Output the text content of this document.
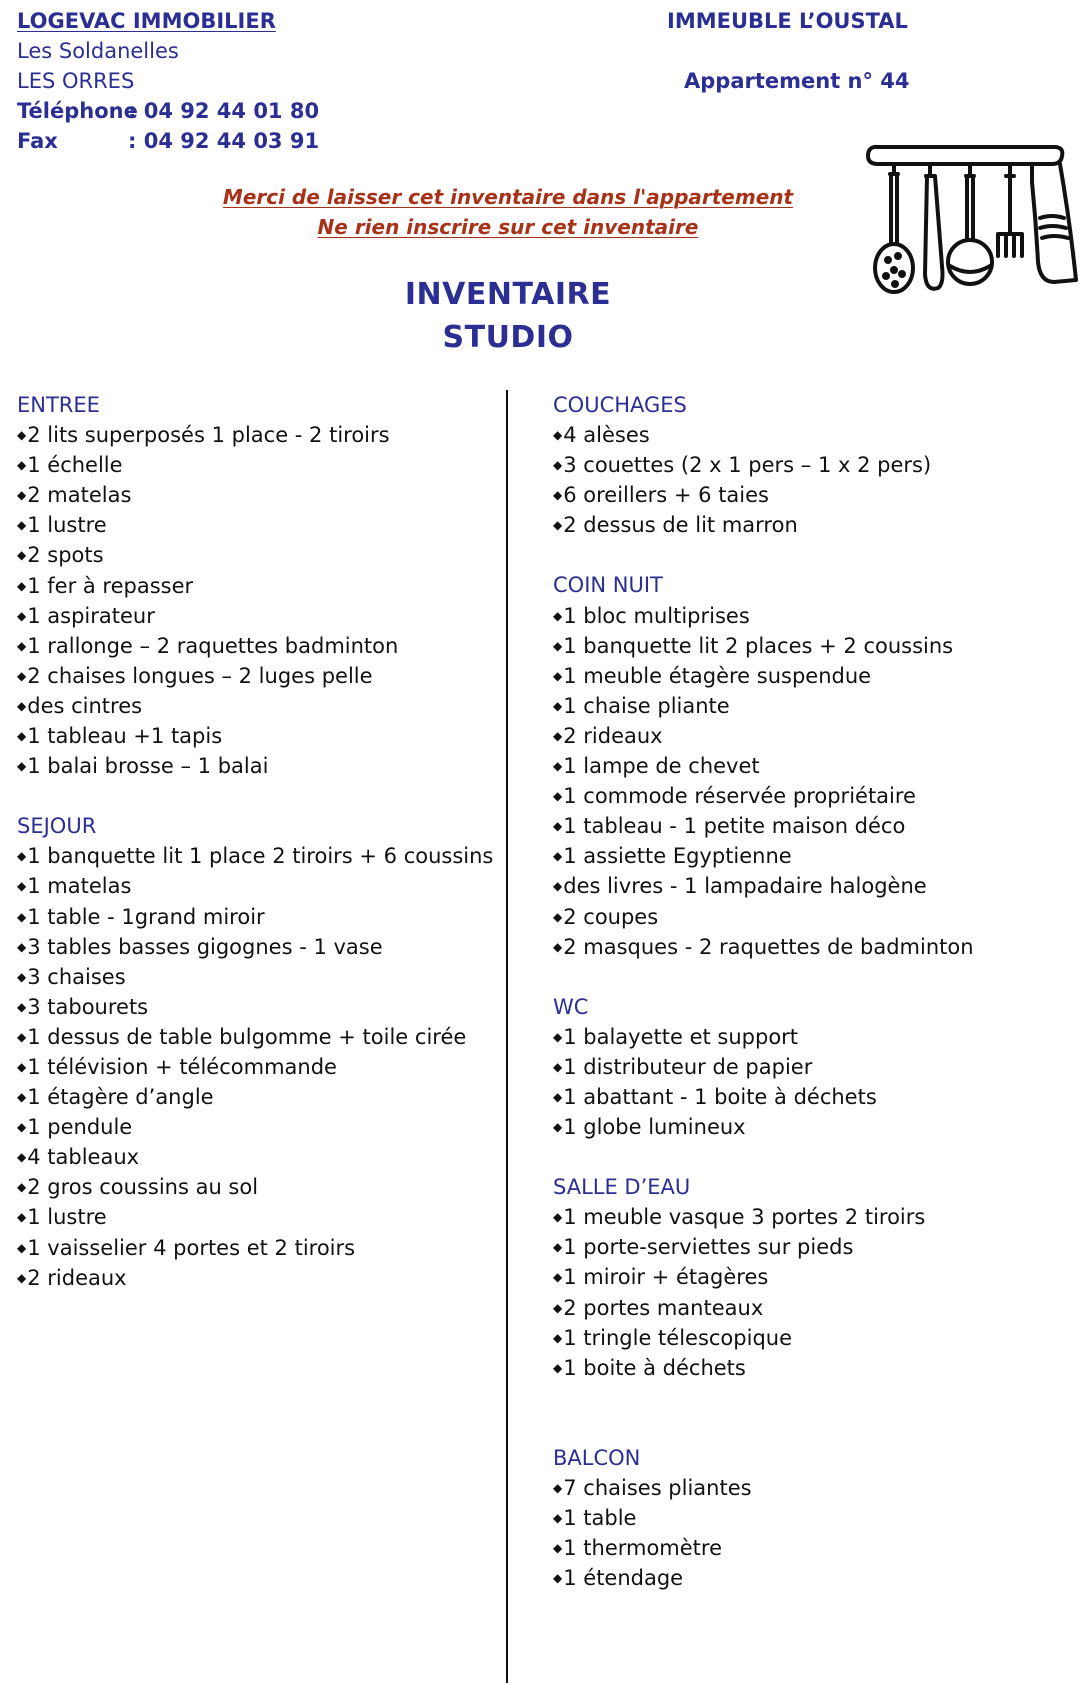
LOGEVAC IMMOBILIER
Les Soldanelles
LES ORRES
Téléphone
: 04 92 44 01 80
Fax	: 04 92 44 03 91
IMMEUBLE L’OUSTAL
Appartement n° 44
Merci de laisser cet inventaire dans l'appartement
Ne rien inscrire sur cet inventaire
INVENTAIRE
STUDIO
ENTREE
◆ 2 lits superposés 1 place - 2 tiroirs
◆ 1 échelle
◆ 2 matelas
◆ 1 lustre
◆ 2 spots
◆ 1 fer à repasser
◆ 1 aspirateur
◆ 1 rallonge – 2 raquettes badminton
◆ 2 chaises longues – 2 luges pelle
◆ des cintres
◆ 1 tableau +1 tapis
◆ 1 balai brosse – 1 balai
SEJOUR
◆ 1 banquette lit 1 place 2 tiroirs + 6 coussins
◆ 1 matelas
◆ 1 table - 1grand miroir
◆ 3 tables basses gigognes - 1 vase
◆ 3 chaises
◆ 3 tabourets
◆ 1 dessus de table bulgomme + toile cirée
◆ 1 télévision + télécommande
◆ 1 étagère d’angle
◆ 1 pendule
◆ 4 tableaux
◆ 2 gros coussins au sol
◆ 1 lustre
◆ 1 vaisselier 4 portes et 2 tiroirs
◆ 2 rideaux
COUCHAGES
◆ 4 alèses
◆ 3 couettes (2 x 1 pers – 1 x 2 pers)
◆ 6 oreillers + 6 taies
◆ 2 dessus de lit marron
COIN NUIT
◆ 1 bloc multiprises
◆ 1 banquette lit 2 places + 2 coussins
◆ 1 meuble étagère suspendue
◆ 1 chaise pliante
◆ 2 rideaux
◆ 1 lampe de chevet
◆ 1 commode réservée propriétaire
◆ 1 tableau - 1 petite maison déco
◆ 1 assiette Egyptienne
◆ des livres - 1 lampadaire halogène
◆ 2 coupes
◆ 2 masques - 2 raquettes de badminton
WC
◆ 1 balayette et support
◆ 1 distributeur de papier
◆ 1 abattant - 1 boite à déchets
◆ 1 globe lumineux
SALLE D’EAU
◆ 1 meuble vasque 3 portes 2 tiroirs
◆ 1 porte-serviettes sur pieds
◆ 1 miroir + étagères
◆ 2 portes manteaux
◆ 1 tringle télescopique
◆ 1 boite à déchets
BALCON
◆ 7 chaises pliantes
◆ 1 table
◆ 1 thermomètre
◆ 1 étendage
